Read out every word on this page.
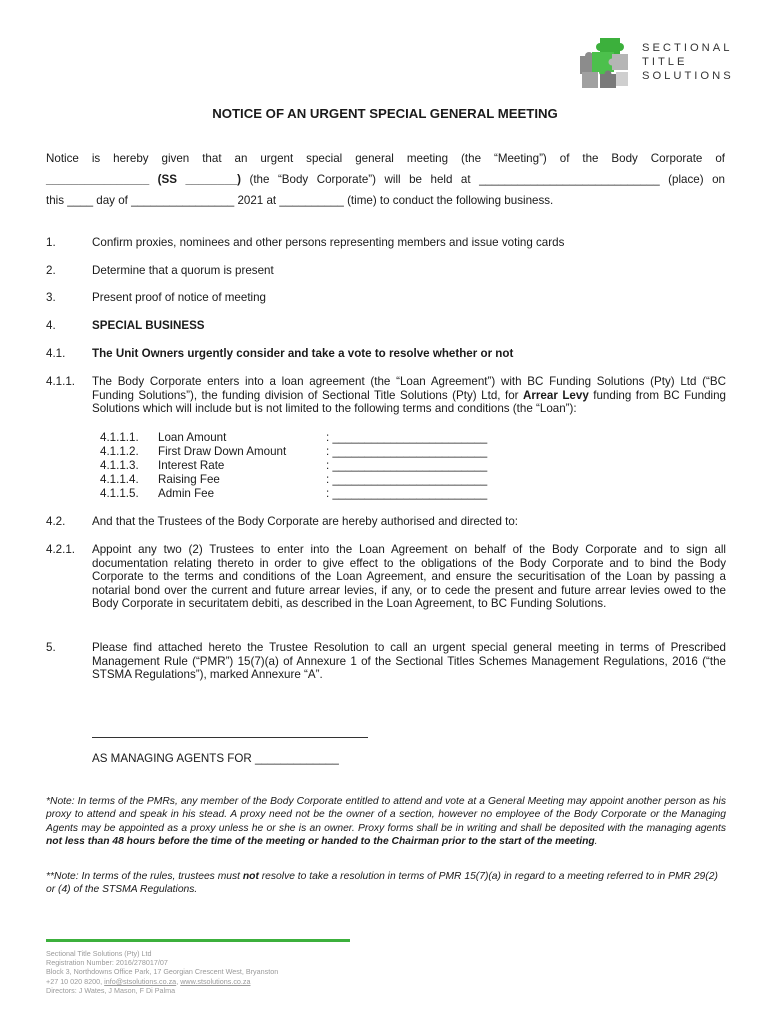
SECTIONAL
TITLE
SOLUTIONS
NOTICE OF AN URGENT SPECIAL GENERAL MEETING
Notice is hereby given that an urgent special general meeting (the “Meeting”) of the Body Corporate of
________________ (SS ________) (the “Body Corporate”) will be held at ____________________________ (place) on
this ____ day of ________________ 2021 at __________ (time) to conduct the following business.
1.	Confirm proxies, nominees and other persons representing members and issue voting cards
2.	Determine that a quorum is present
3.	Present proof of notice of meeting
4.	SPECIAL BUSINESS
4.1. The Unit Owners urgently consider and take a vote to resolve whether or not
4.1.1. The Body Corporate enters into a loan agreement (the “Loan Agreement”) with BC Funding Solutions (Pty) Ltd (“BC Funding Solutions”), the funding division of Sectional Title Solutions (Pty) Ltd, for Arrear Levy funding from BC Funding Solutions which will include but is not limited to the following terms and conditions (the “Loan”):
4.1.1.1. Loan Amount	: ________________________
4.1.1.2. First Draw Down Amount	: ________________________
4.1.1.3. Interest Rate	: ________________________
4.1.1.4. Raising Fee	: ________________________
4.1.1.5. Admin Fee	: ________________________
4.2. And that the Trustees of the Body Corporate are hereby authorised and directed to:
4.2.1. Appoint any two (2) Trustees to enter into the Loan Agreement on behalf of the Body Corporate and to sign all documentation relating thereto in order to give effect to the obligations of the Body Corporate and to bind the Body Corporate to the terms and conditions of the Loan Agreement, and ensure the securitisation of the Loan by passing a notarial bond over the current and future arrear levies, if any, or to cede the present and future arrear levies owed to the Body Corporate in securitatem debiti, as described in the Loan Agreement, to BC Funding Solutions.
5.	Please find attached hereto the Trustee Resolution to call an urgent special general meeting in terms of Prescribed Management Rule (“PMR”) 15(7)(a) of Annexure 1 of the Sectional Titles Schemes Management Regulations, 2016 (“the STSMA Regulations”), marked Annexure “A”.
AS MANAGING AGENTS FOR _____________
*Note: In terms of the PMRs, any member of the Body Corporate entitled to attend and vote at a General Meeting may appoint another person as his proxy to attend and speak in his stead. A proxy need not be the owner of a section, however no employee of the Body Corporate or the Managing Agents may be appointed as a proxy unless he or she is an owner. Proxy forms shall be in writing and shall be deposited with the managing agents not less than 48 hours before the time of the meeting or handed to the Chairman prior to the start of the meeting.
**Note: In terms of the rules, trustees must not resolve to take a resolution in terms of PMR 15(7)(a) in regard to a meeting referred to in PMR 29(2) or (4) of the STSMA Regulations.
Sectional Title Solutions (Pty) Ltd
Registration Number: 2016/278017/07
Block 3, Northdowns Office Park, 17 Georgian Crescent West, Bryanston
+27 10 020 8200, info@stsolutions.co.za, www.stsolutions.co.za
Directors: J Wates, J Mason, F Di Palma
